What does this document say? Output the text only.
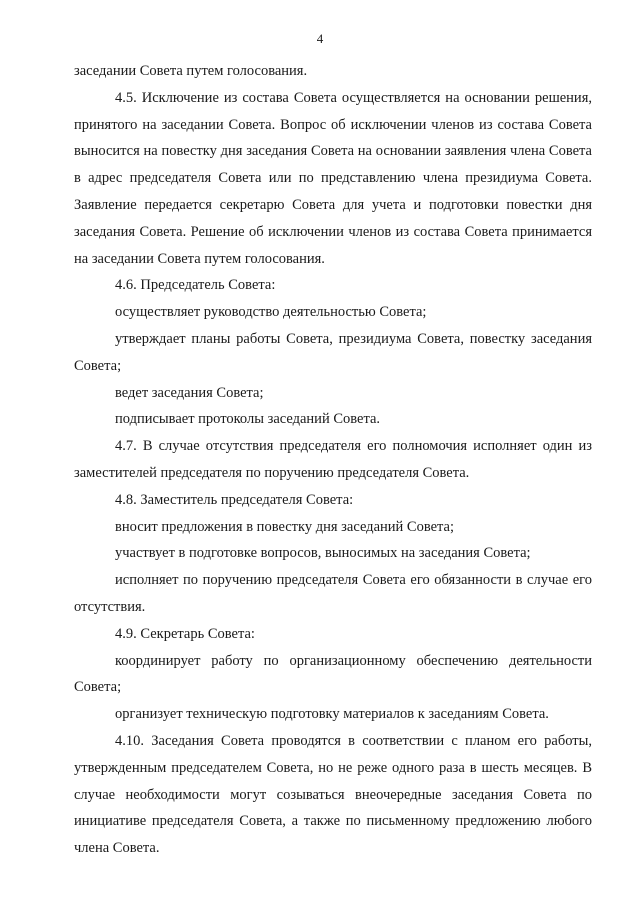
4

заседании Совета путем голосования.

4.5. Исключение из состава Совета осуществляется на основании решения, принятого на заседании Совета. Вопрос об исключении членов из состава Совета выносится на повестку дня заседания Совета на основании заявления члена Совета в адрес председателя Совета или по представлению члена президиума Совета. Заявление передается секретарю Совета для учета и подготовки повестки дня заседания Совета. Решение об исключении членов из состава Совета принимается на заседании Совета путем голосования.

4.6. Председатель Совета:

осуществляет руководство деятельностью Совета;

утверждает планы работы Совета, президиума Совета, повестку заседания Совета;

ведет заседания Совета;

подписывает протоколы заседаний Совета.

4.7. В случае отсутствия председателя его полномочия исполняет один из заместителей председателя по поручению председателя Совета.

4.8. Заместитель председателя Совета:

вносит предложения в повестку дня заседаний Совета;

участвует в подготовке вопросов, выносимых на заседания Совета;

исполняет по поручению председателя Совета его обязанности в случае его отсутствия.

4.9. Секретарь Совета:

координирует работу по организационному обеспечению деятельности Совета;

организует техническую подготовку материалов к заседаниям Совета.

4.10. Заседания Совета проводятся в соответствии с планом его работы, утвержденным председателем Совета, но не реже одного раза в шесть месяцев. В случае необходимости могут созываться внеочередные заседания Совета по инициативе председателя Совета, а также по письменному предложению любого члена Совета.
